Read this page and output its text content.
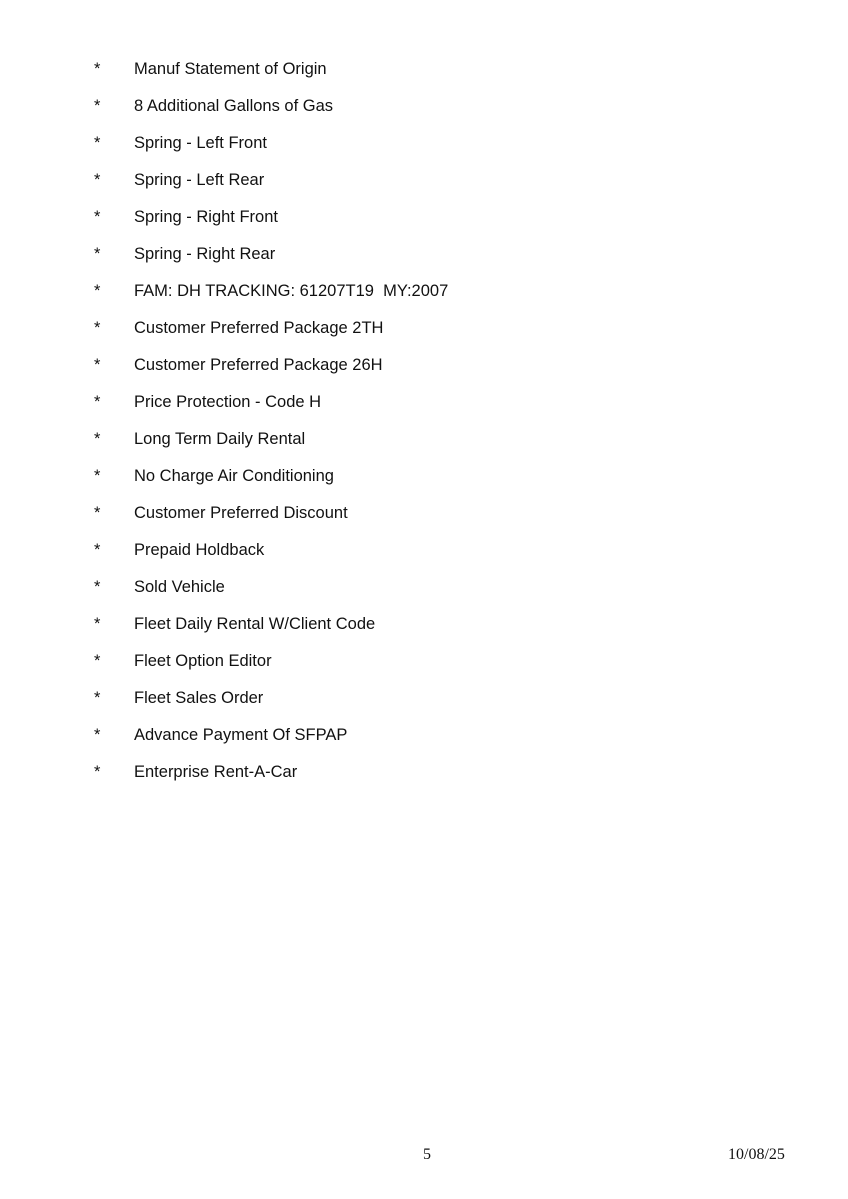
*	Manuf Statement of Origin
*	8 Additional Gallons of Gas
*	Spring - Left Front
*	Spring - Left Rear
*	Spring - Right Front
*	Spring - Right Rear
*	FAM: DH TRACKING: 61207T19  MY:2007
*	Customer Preferred Package 2TH
*	Customer Preferred Package 26H
*	Price Protection - Code H
*	Long Term Daily Rental
*	No Charge Air Conditioning
*	Customer Preferred Discount
*	Prepaid Holdback
*	Sold Vehicle
*	Fleet Daily Rental W/Client Code
*	Fleet Option Editor
*	Fleet Sales Order
*	Advance Payment Of SFPAP
*	Enterprise Rent-A-Car
5	10/08/25
